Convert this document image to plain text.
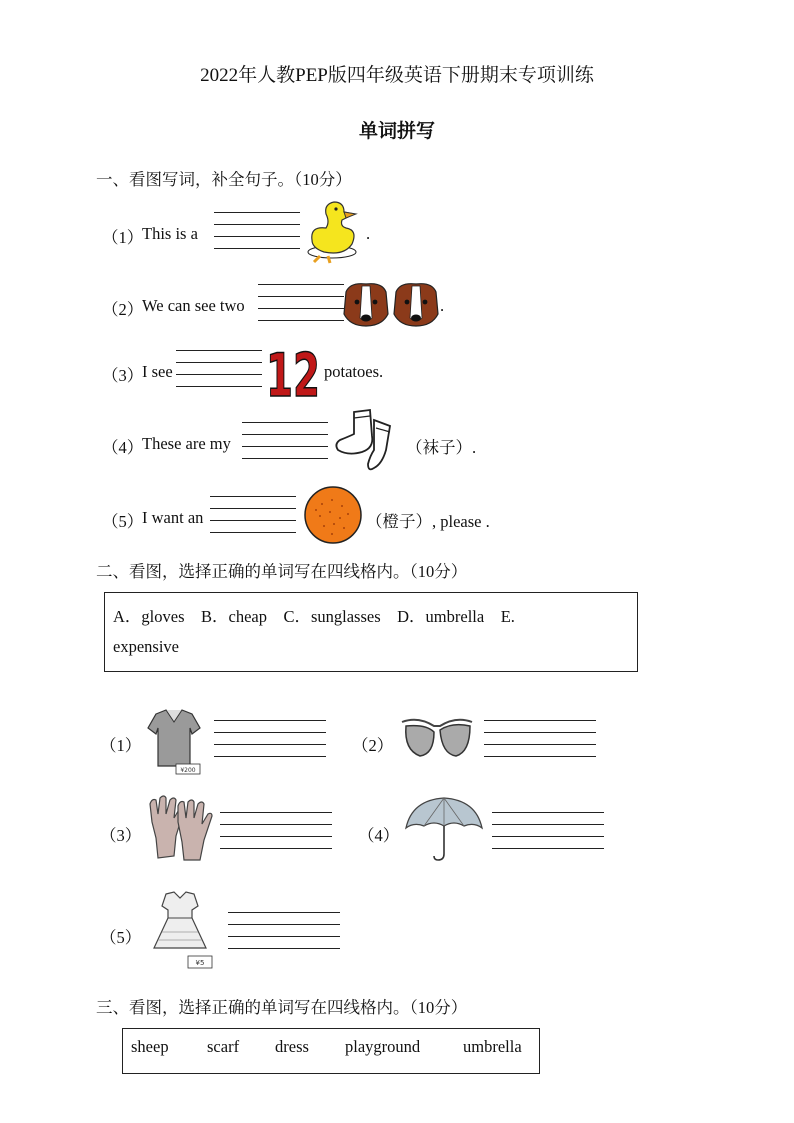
2022年人教PEP版四年级英语下册期末专项训练
单词拼写
一、看图写词，补全句子。（10分）
（1）
This is a	.
（2）
We can see two	.
（3）
I see 12 potatoes.
（4）
These are my	（袜子）.
（5）
I want an	（橙子）, please .
二、看图，选择正确的单词写在四线格内。（10分）
A．gloves　B．cheap　C．sunglasses　D．umbrella　E.
expensive
（1）
¥200
（2）
（3）	（4）
（5）
¥5
三、看图，选择正确的单词写在四线格内。（10分）
sheep scarf dress playground	umbrella
